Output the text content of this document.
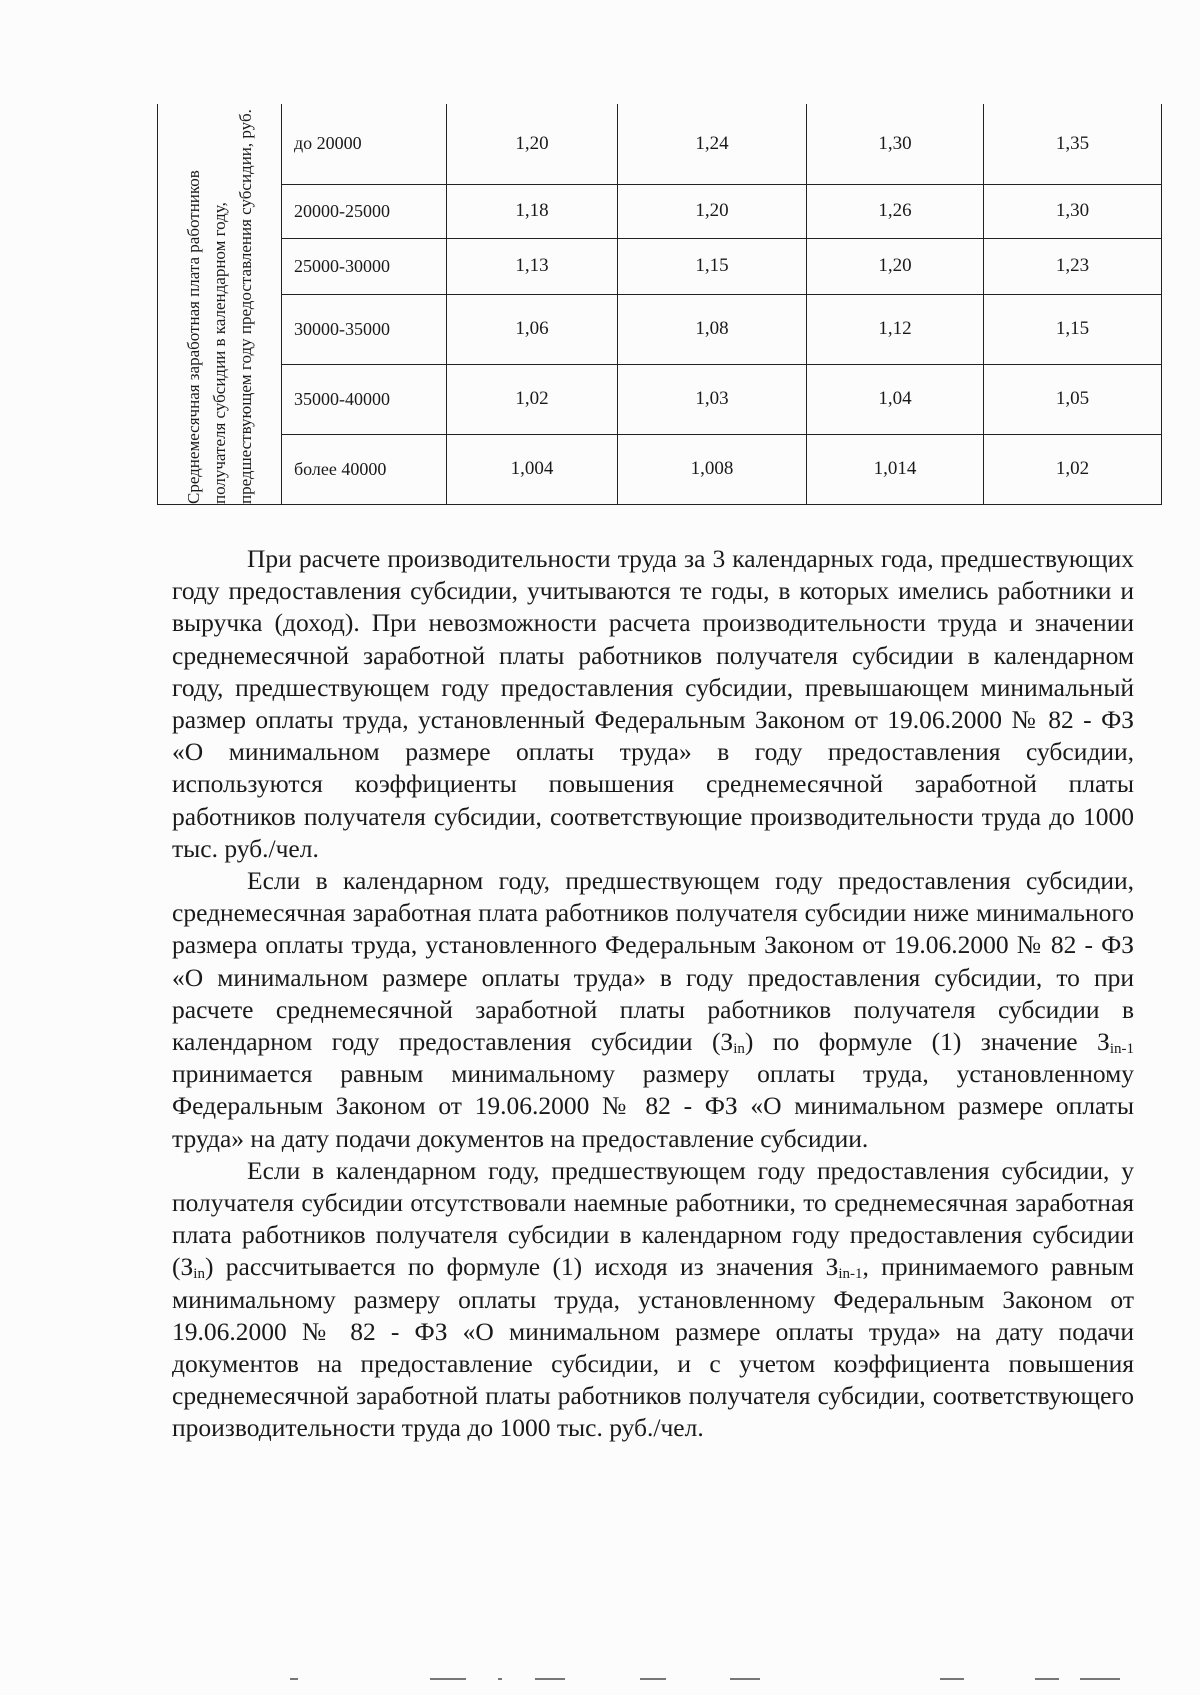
Среднемесячная заработная плата работников получателя субсидии в календарном году, предшествующем году предоставления субсидии, руб.	до 20000	1,20	1,24	1,30	1,35
	20000-25000	1,18	1,20	1,26	1,30
	25000-30000	1,13	1,15	1,20	1,23
	30000-35000	1,06	1,08	1,12	1,15
	35000-40000	1,02	1,03	1,04	1,05
	более 40000	1,004	1,008	1,014	1,02

При расчете производительности труда за 3 календарных года, предшествующих году предоставления субсидии, учитываются те годы, в которых имелись работники и выручка (доход). При невозможности расчета производительности труда и значении среднемесячной заработной платы работников получателя субсидии в календарном году, предшествующем году предоставления субсидии, превышающем минимальный размер оплаты труда, установленный Федеральным Законом от 19.06.2000 № 82 - ФЗ «О минимальном размере оплаты труда» в году предоставления субсидии, используются коэффициенты повышения среднемесячной заработной платы работников получателя субсидии, соответствующие производительности труда до 1000 тыс. руб./чел.

Если в календарном году, предшествующем году предоставления субсидии, среднемесячная заработная плата работников получателя субсидии ниже минимального размера оплаты труда, установленного Федеральным Законом от 19.06.2000 № 82 - ФЗ «О минимальном размере оплаты труда» в году предоставления субсидии, то при расчете среднемесячной заработной платы работников получателя субсидии в календарном году предоставления субсидии $(З_{in})$ по формуле (1) значение $З_{in-1}$ принимается равным минимальному размеру оплаты труда, установленному Федеральным Законом от 19.06.2000 № 82 - ФЗ «О минимальном размере оплаты труда» на дату подачи документов на предоставление субсидии.

Если в календарном году, предшествующем году предоставления субсидии, у получателя субсидии отсутствовали наемные работники, то среднемесячная заработная плата работников получателя субсидии в календарном году предоставления субсидии $(З_{in})$ рассчитывается по формуле (1) исходя из значения $З_{in-1}$, принимаемого равным минимальному размеру оплаты труда, установленному Федеральным Законом от 19.06.2000 № 82 - ФЗ «О минимальном размере оплаты труда» на дату подачи документов на предоставление субсидии, и с учетом коэффициента повышения среднемесячной заработной платы работников получателя субсидии, соответствующего производительности труда до 1000 тыс. руб./чел.
